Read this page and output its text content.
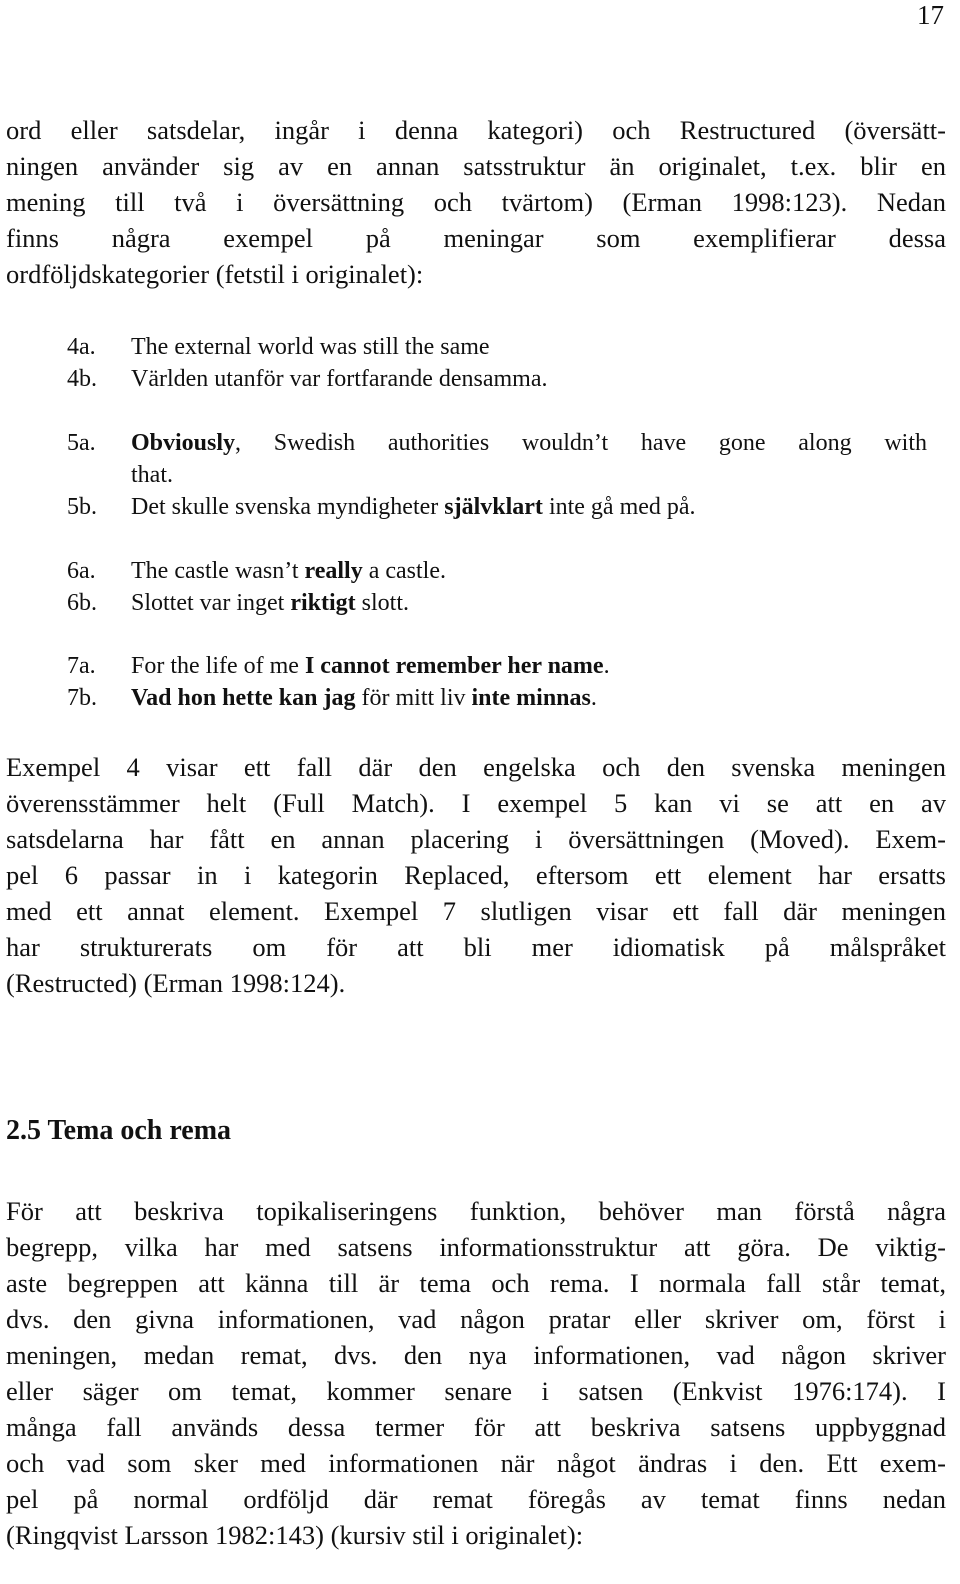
17
ord eller satsdelar, ingår i denna kategori) och Restructured (översätt-
ningen använder sig av en annan satsstruktur än originalet, t.ex. blir en
mening till två i översättning och tvärtom) (Erman 1998:123). Nedan
finns några exempel på meningar som exemplifierar dessa
ordföljdskategorier (fetstil i originalet):
4a.	The external world was still the same
4b.	Världen utanför var fortfarande densamma.
5a.	Obviously, Swedish authorities wouldn’t have gone along with
that.
5b.	Det skulle svenska myndigheter självklart inte gå med på.
6a.	The castle wasn’t really a castle.
6b.	Slottet var inget riktigt slott.
7a.	For the life of me I cannot remember her name.
7b.	Vad hon hette kan jag för mitt liv inte minnas.
Exempel 4 visar ett fall där den engelska och den svenska meningen
överensstämmer helt (Full Match). I exempel 5 kan vi se att en av
satsdelarna har fått en annan placering i översättningen (Moved). Exem-
pel 6 passar in i kategorin Replaced, eftersom ett element har ersatts
med ett annat element. Exempel 7 slutligen visar ett fall där meningen
har strukturerats om för att bli mer idiomatisk på målspråket
(Restructed) (Erman 1998:124).
2.5 Tema och rema
För att beskriva topikaliseringens funktion, behöver man förstå några
begrepp, vilka har med satsens informationsstruktur att göra. De viktig-
aste begreppen att känna till är tema och rema. I normala fall står temat,
dvs. den givna informationen, vad någon pratar eller skriver om, först i
meningen, medan remat, dvs. den nya informationen, vad någon skriver
eller säger om temat, kommer senare i satsen (Enkvist 1976:174). I
många fall används dessa termer för att beskriva satsens uppbyggnad
och vad som sker med informationen när något ändras i den. Ett exem-
pel på normal ordföljd där remat föregås av temat finns nedan
(Ringqvist Larsson 1982:143) (kursiv stil i originalet):
